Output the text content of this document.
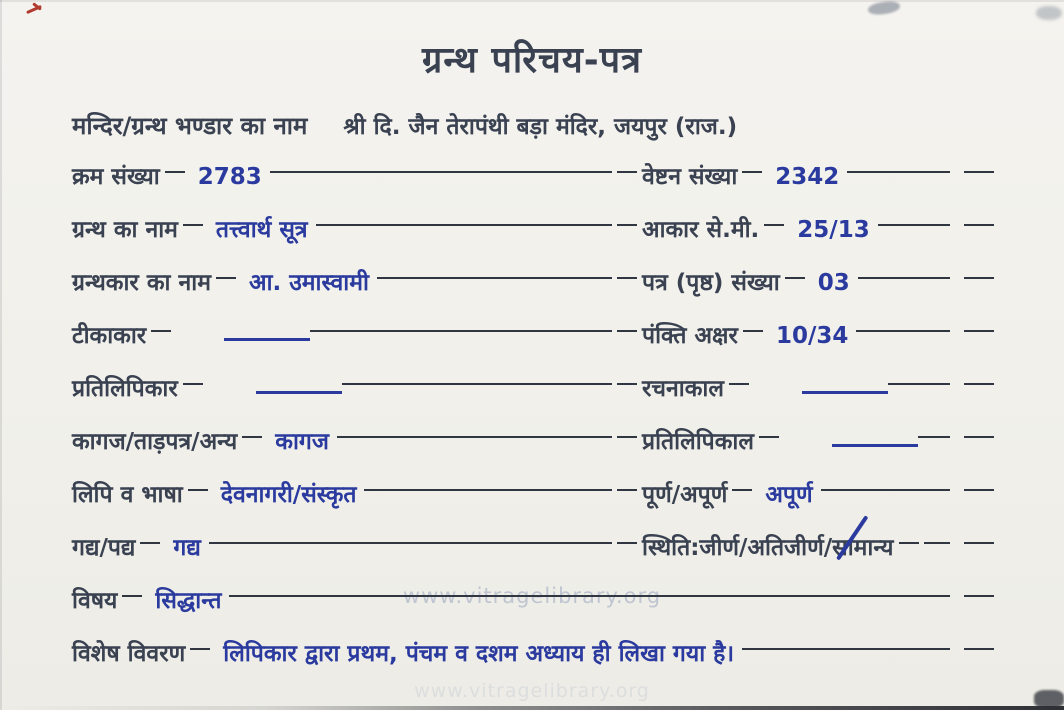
www.vitragelibrary.org
www.vitragelibrary.org
ग्रन्थ परिचय-पत्र
मन्दिर/ग्रन्थ भण्डार का नाम श्री दि. जैन तेरापंथी बड़ा मंदिर, जयपुर (राज.)
क्रम संख्या 2783	वेष्टन संख्या 2342
ग्रन्थ का नाम तत्त्वार्थ सूत्र	आकार से.मी. 25/13
ग्रन्थकार का नाम आ. उमास्वामी	पत्र (पृष्ठ) संख्या 03
टीकाकार	पंक्ति अक्षर 10/34
प्रतिलिपिकार	रचनाकाल
कागज/ताड़पत्र/अन्य कागज	प्रतिलिपिकाल
लिपि व भाषा देवनागरी/संस्कृत	पूर्ण/अपूर्ण अपूर्ण
गद्य/पद्य गद्य	स्थिति:जीर्ण/अतिजीर्ण/सामान्य
विषय सिद्धान्त
विशेष विवरण लिपिकार द्वारा प्रथम, पंचम व दशम अध्याय ही लिखा गया है।
